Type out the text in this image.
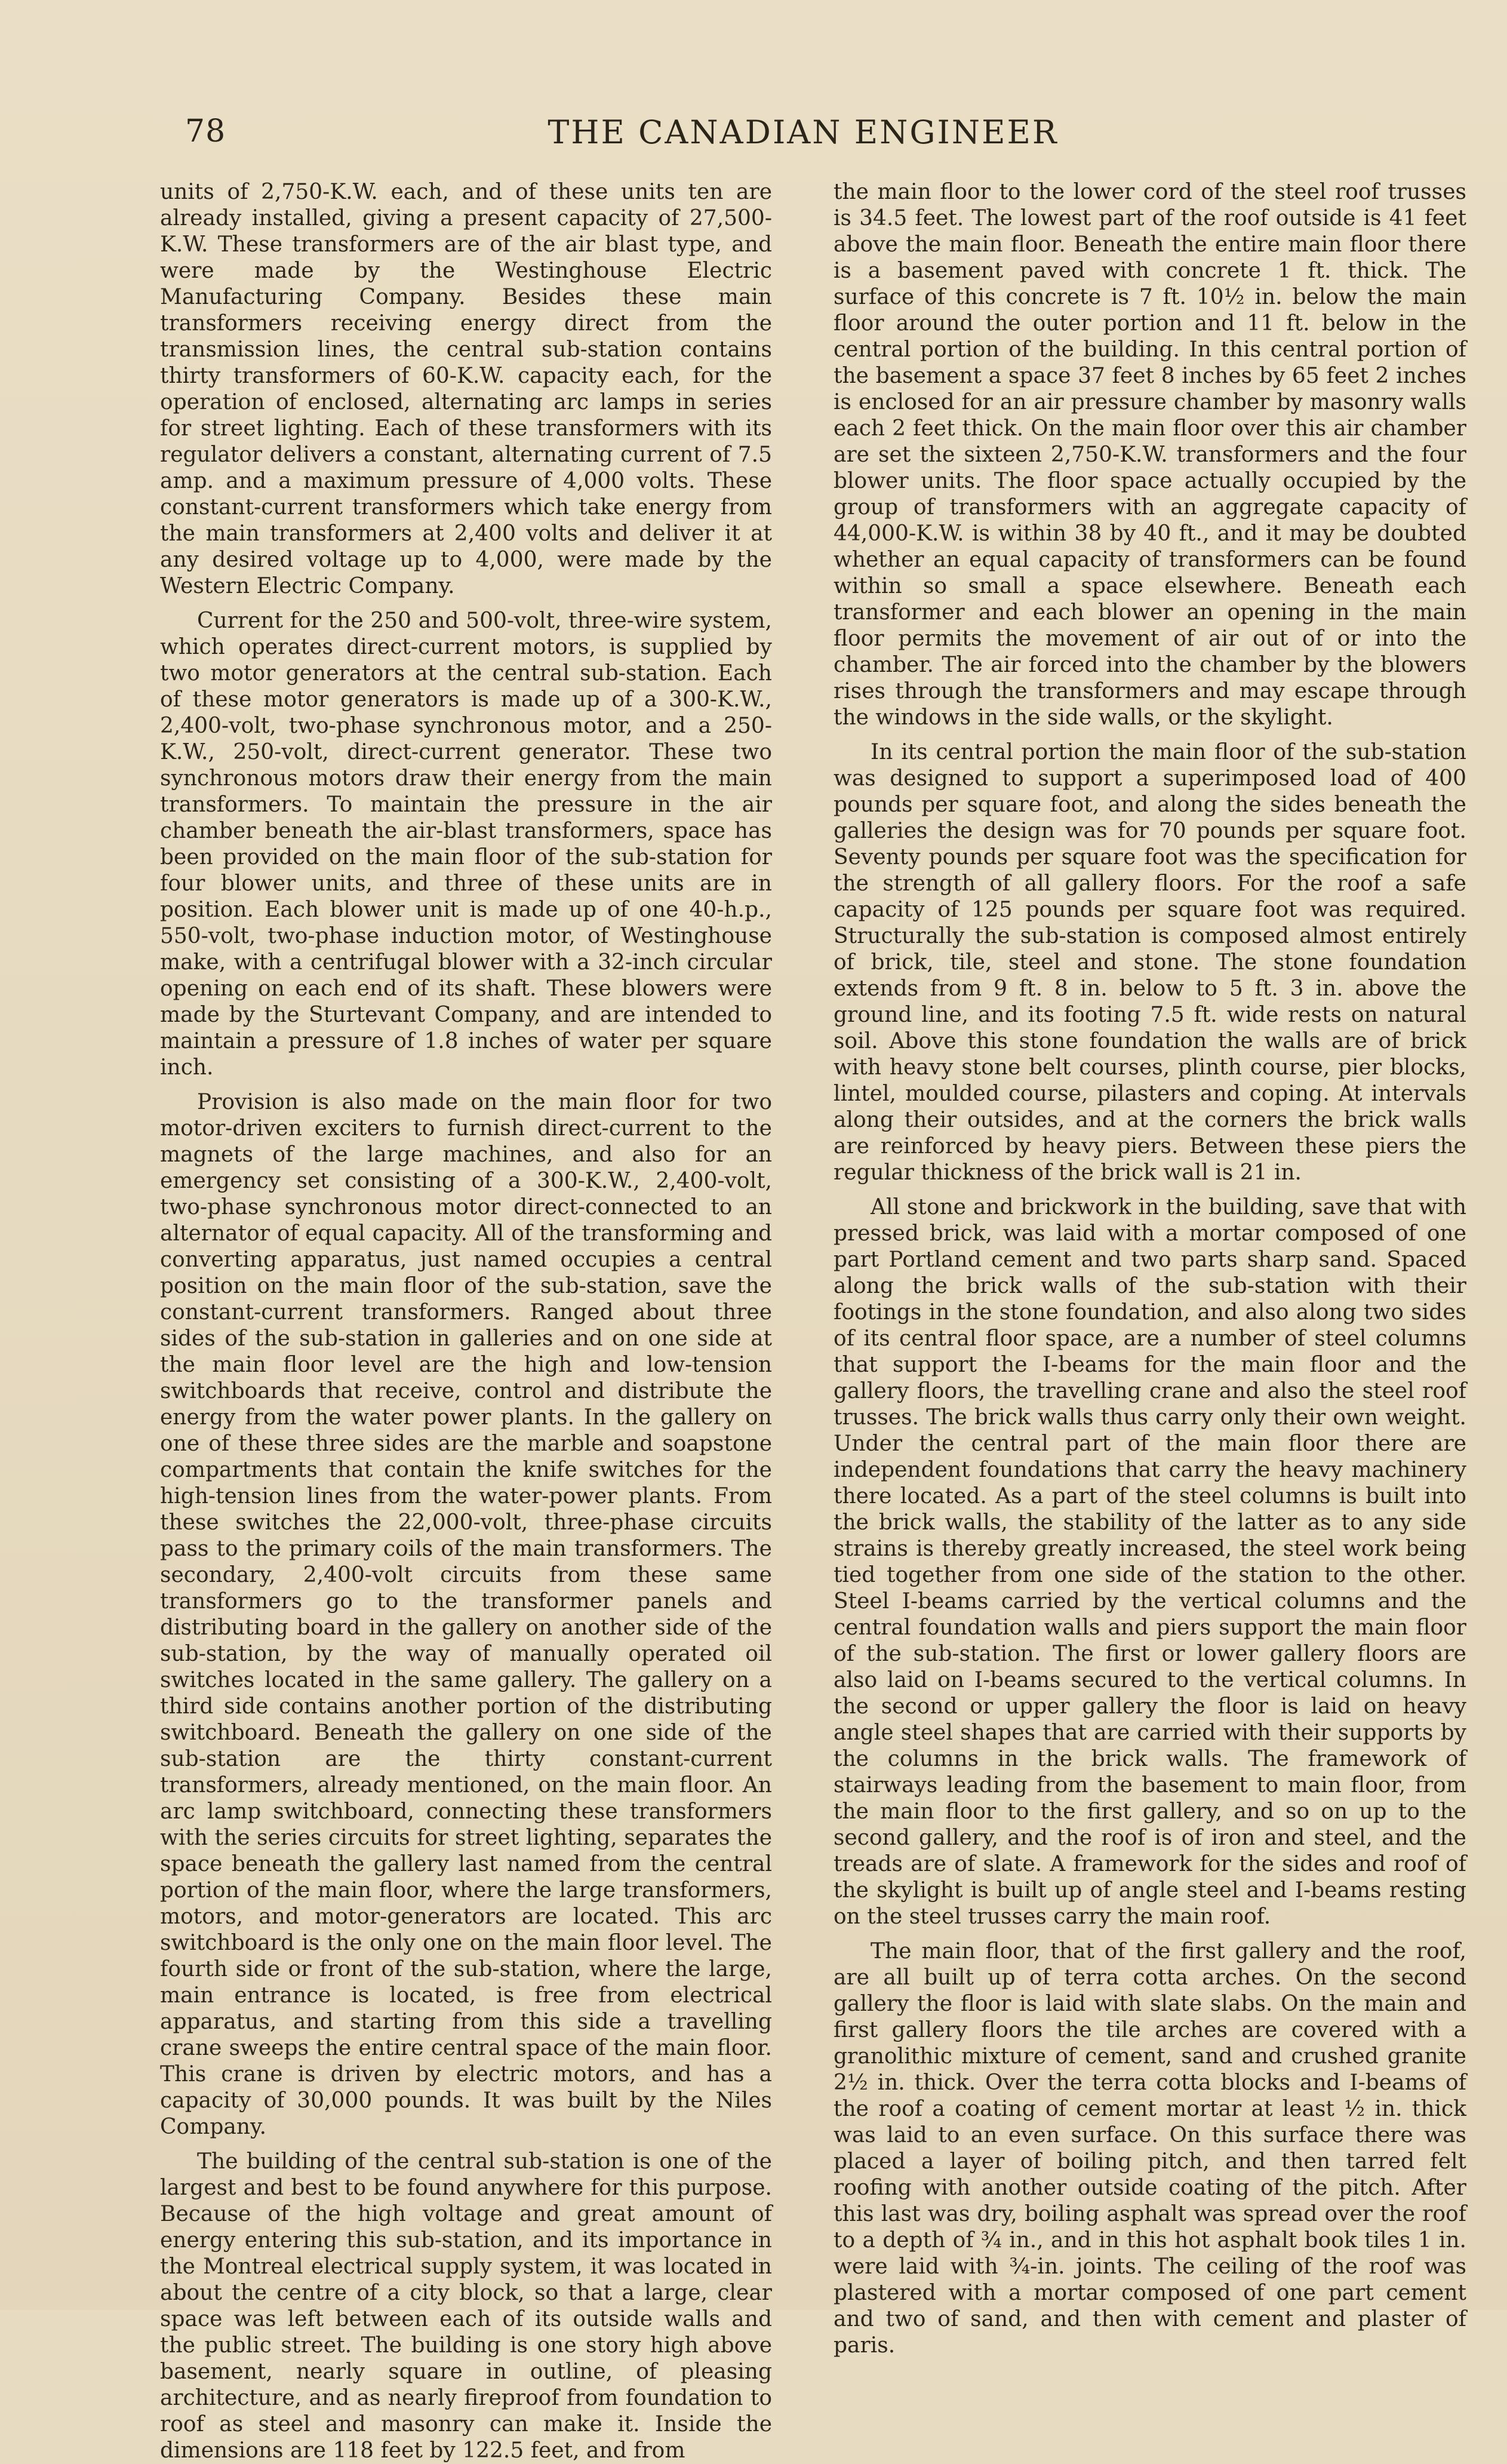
78	THE CANADIAN ENGINEER

units of 2,750-K.W. each, and of these units ten are already installed, giving a present capacity of 27,500-K.W. These transformers are of the air blast type, and were made by the Westinghouse Electric Manufacturing Company. Besides these main transformers receiving energy direct from the transmission lines, the central sub-station contains thirty transformers of 60-K.W. capacity each, for the operation of enclosed, alternating arc lamps in series for street lighting. Each of these transformers with its regulator delivers a constant, alternating current of 7.5 amp. and a maximum pressure of 4,000 volts. These constant-current transformers which take energy from the main transformers at 2,400 volts and deliver it at any desired voltage up to 4,000, were made by the Western Electric Company.

Current for the 250 and 500-volt, three-wire system, which operates direct-current motors, is supplied by two motor generators at the central sub-station. Each of these motor generators is made up of a 300-K.W., 2,400-volt, two-phase synchronous motor, and a 250-K.W., 250-volt, direct-current generator. These two synchronous motors draw their energy from the main transformers. To maintain the pressure in the air chamber beneath the air-blast transformers, space has been provided on the main floor of the sub-station for four blower units, and three of these units are in position. Each blower unit is made up of one 40-h.p., 550-volt, two-phase induction motor, of Westinghouse make, with a centrifugal blower with a 32-inch circular opening on each end of its shaft. These blowers were made by the Sturtevant Company, and are intended to maintain a pressure of 1.8 inches of water per square inch.

Provision is also made on the main floor for two motor-driven exciters to furnish direct-current to the magnets of the large machines, and also for an emergency set consisting of a 300-K.W., 2,400-volt, two-phase synchronous motor direct-connected to an alternator of equal capacity. All of the transforming and converting apparatus, just named occupies a central position on the main floor of the sub-station, save the constant-current transformers. Ranged about three sides of the sub-station in galleries and on one side at the main floor level are the high and low-tension switchboards that receive, control and distribute the energy from the water power plants. In the gallery on one of these three sides are the marble and soapstone compartments that contain the knife switches for the high-tension lines from the water-power plants. From these switches the 22,000-volt, three-phase circuits pass to the primary coils of the main transformers. The secondary, 2,400-volt circuits from these same transformers go to the transformer panels and distributing board in the gallery on another side of the sub-station, by the way of manually operated oil switches located in the same gallery. The gallery on a third side contains another portion of the distributing switchboard. Beneath the gallery on one side of the sub-station are the thirty constant-current transformers, already mentioned, on the main floor. An arc lamp switchboard, connecting these transformers with the series circuits for street lighting, separates the space beneath the gallery last named from the central portion of the main floor, where the large transformers, motors, and motor-generators are located. This arc switchboard is the only one on the main floor level. The fourth side or front of the sub-station, where the large, main entrance is located, is free from electrical apparatus, and starting from this side a travelling crane sweeps the entire central space of the main floor. This crane is driven by electric motors, and has a capacity of 30,000 pounds. It was built by the Niles Company.

The building of the central sub-station is one of the largest and best to be found anywhere for this purpose. Because of the high voltage and great amount of energy entering this sub-station, and its importance in the Montreal electrical supply system, it was located in about the centre of a city block, so that a large, clear space was left between each of its outside walls and the public street. The building is one story high above basement, nearly square in outline, of pleasing architecture, and as nearly fireproof from foundation to roof as steel and masonry can make it. Inside the dimensions are 118 feet by 122.5 feet, and from

the main floor to the lower cord of the steel roof trusses is 34.5 feet. The lowest part of the roof outside is 41 feet above the main floor. Beneath the entire main floor there is a basement paved with concrete 1 ft. thick. The surface of this concrete is 7 ft. 10½ in. below the main floor around the outer portion and 11 ft. below in the central portion of the building. In this central portion of the basement a space 37 feet 8 inches by 65 feet 2 inches is enclosed for an air pressure chamber by masonry walls each 2 feet thick. On the main floor over this air chamber are set the sixteen 2,750-K.W. transformers and the four blower units. The floor space actually occupied by the group of transformers with an aggregate capacity of 44,000-K.W. is within 38 by 40 ft., and it may be doubted whether an equal capacity of transformers can be found within so small a space elsewhere. Beneath each transformer and each blower an opening in the main floor permits the movement of air out of or into the chamber. The air forced into the chamber by the blowers rises through the transformers and may escape through the windows in the side walls, or the skylight.

In its central portion the main floor of the sub-station was designed to support a superimposed load of 400 pounds per square foot, and along the sides beneath the galleries the design was for 70 pounds per square foot. Seventy pounds per square foot was the specification for the strength of all gallery floors. For the roof a safe capacity of 125 pounds per square foot was required. Structurally the sub-station is composed almost entirely of brick, tile, steel and stone. The stone foundation extends from 9 ft. 8 in. below to 5 ft. 3 in. above the ground line, and its footing 7.5 ft. wide rests on natural soil. Above this stone foundation the walls are of brick with heavy stone belt courses, plinth course, pier blocks, lintel, moulded course, pilasters and coping. At intervals along their outsides, and at the corners the brick walls are reinforced by heavy piers. Between these piers the regular thickness of the brick wall is 21 in.

All stone and brickwork in the building, save that with pressed brick, was laid with a mortar composed of one part Portland cement and two parts sharp sand. Spaced along the brick walls of the sub-station with their footings in the stone foundation, and also along two sides of its central floor space, are a number of steel columns that support the I-beams for the main floor and the gallery floors, the travelling crane and also the steel roof trusses. The brick walls thus carry only their own weight. Under the central part of the main floor there are independent foundations that carry the heavy machinery there located. As a part of the steel columns is built into the brick walls, the stability of the latter as to any side strains is thereby greatly increased, the steel work being tied together from one side of the station to the other. Steel I-beams carried by the vertical columns and the central foundation walls and piers support the main floor of the sub-station. The first or lower gallery floors are also laid on I-beams secured to the vertical columns. In the second or upper gallery the floor is laid on heavy angle steel shapes that are carried with their supports by the columns in the brick walls. The framework of stairways leading from the basement to main floor, from the main floor to the first gallery, and so on up to the second gallery, and the roof is of iron and steel, and the treads are of slate. A framework for the sides and roof of the skylight is built up of angle steel and I-beams resting on the steel trusses carry the main roof.

The main floor, that of the first gallery and the roof, are all built up of terra cotta arches. On the second gallery the floor is laid with slate slabs. On the main and first gallery floors the tile arches are covered with a granolithic mixture of cement, sand and crushed granite 2½ in. thick. Over the terra cotta blocks and I-beams of the roof a coating of cement mortar at least ½ in. thick was laid to an even surface. On this surface there was placed a layer of boiling pitch, and then tarred felt roofing with another outside coating of the pitch. After this last was dry, boiling asphalt was spread over the roof to a depth of ¾ in., and in this hot asphalt book tiles 1 in. were laid with ¾-in. joints. The ceiling of the roof was plastered with a mortar composed of one part cement and two of sand, and then with cement and plaster of paris.
